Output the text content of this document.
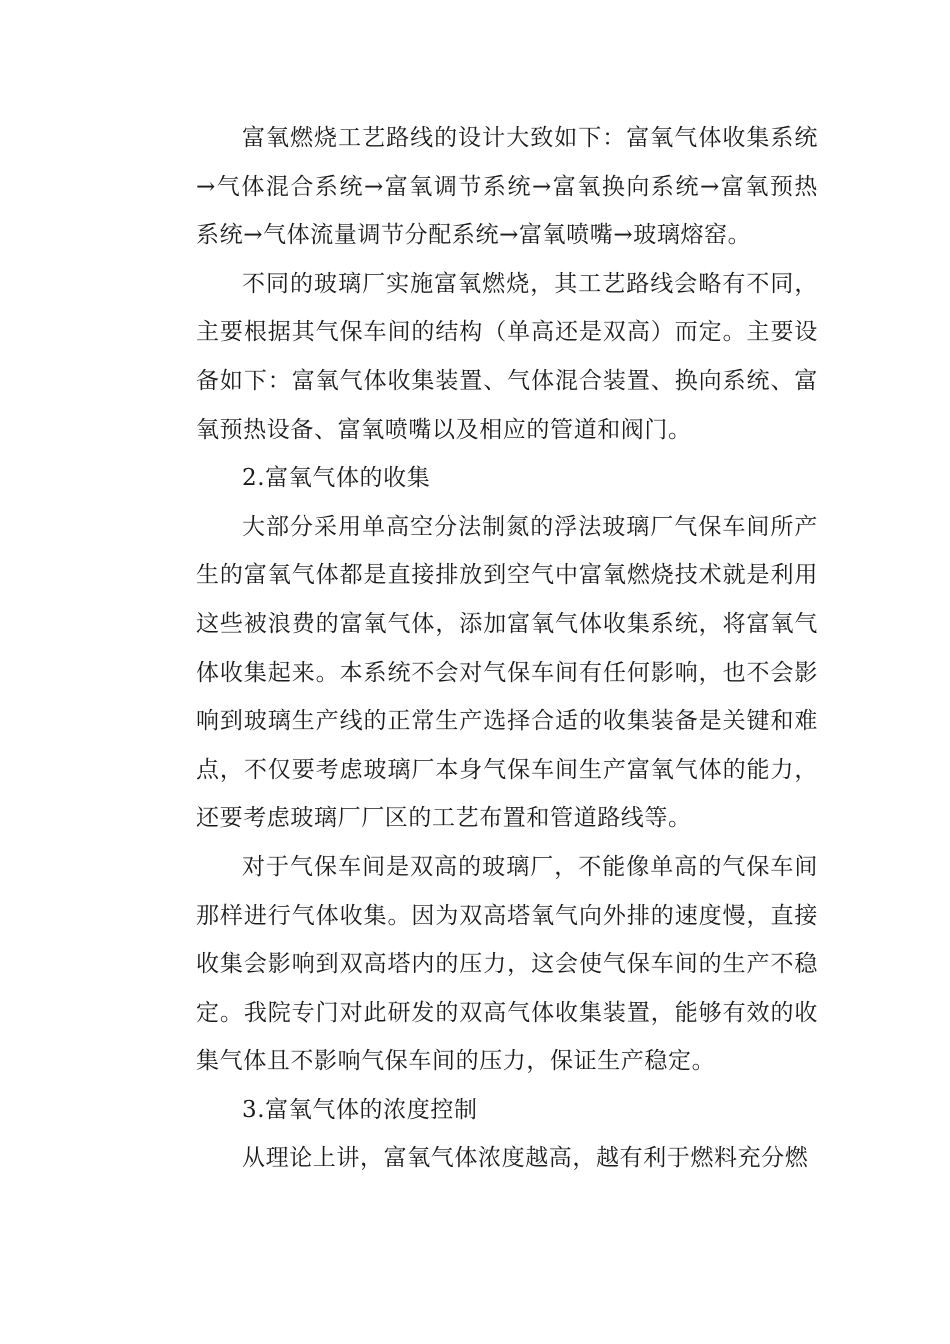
富氧燃烧工艺路线的设计大致如下：富氧气体收集系统→气体混合系统→富氧调节系统→富氧换向系统→富氧预热系统→气体流量调节分配系统→富氧喷嘴→玻璃熔窑。

不同的玻璃厂实施富氧燃烧，其工艺路线会略有不同，主要根据其气保车间的结构（单高还是双高）而定。主要设备如下：富氧气体收集装置、气体混合装置、换向系统、富氧预热设备、富氧喷嘴以及相应的管道和阀门。

2.富氧气体的收集

大部分采用单高空分法制氮的浮法玻璃厂气保车间所产生的富氧气体都是直接排放到空气中富氧燃烧技术就是利用这些被浪费的富氧气体，添加富氧气体收集系统，将富氧气体收集起来。本系统不会对气保车间有任何影响，也不会影响到玻璃生产线的正常生产选择合适的收集装备是关键和难点，不仅要考虑玻璃厂本身气保车间生产富氧气体的能力，还要考虑玻璃厂厂区的工艺布置和管道路线等。

对于气保车间是双高的玻璃厂，不能像单高的气保车间那样进行气体收集。因为双高塔氧气向外排的速度慢，直接收集会影响到双高塔内的压力，这会使气保车间的生产不稳定。我院专门对此研发的双高气体收集装置，能够有效的收集气体且不影响气保车间的压力，保证生产稳定。

3.富氧气体的浓度控制

从理论上讲，富氧气体浓度越高，越有利于燃料充分燃
